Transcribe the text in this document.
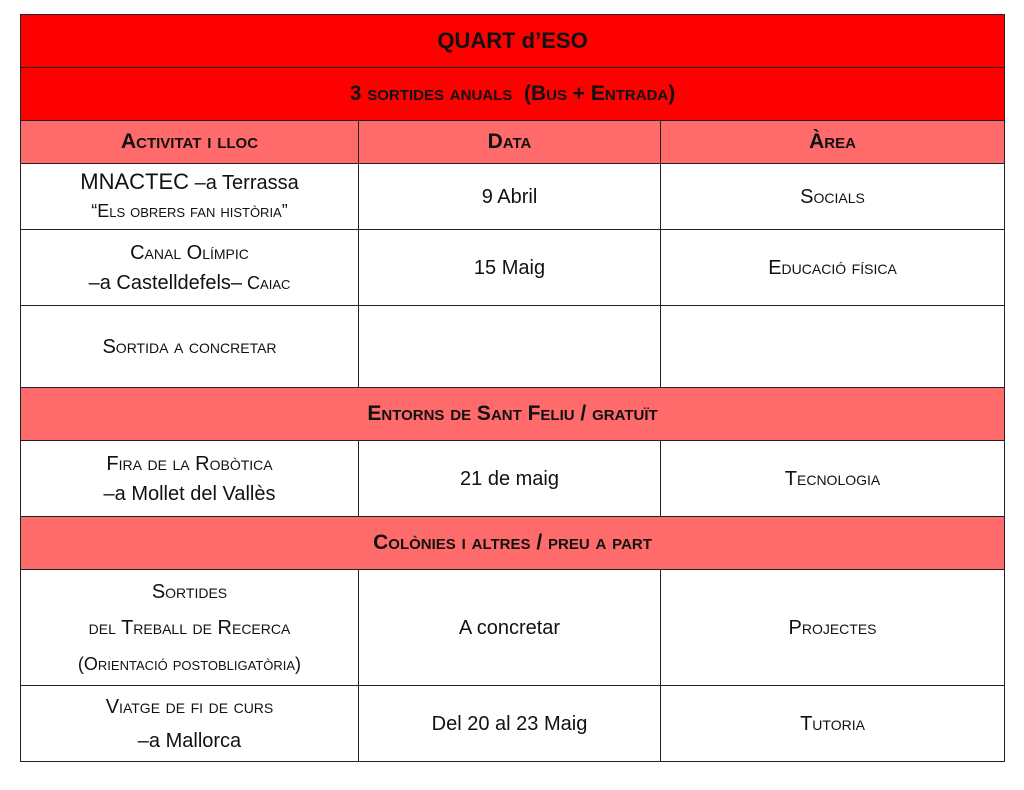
QUART d’ESO		
3 sortides anuals  (Bus + Entrada)		
Activitat i lloc	Data	Àrea

MNACTEC –a Terrassa
“Els obrers fan història”	9 Abril	Socials

Canal Olímpic
–a Castelldefels– Caiac	15 Maig	Educació física
Sortida a concretar		
Entorns de Sant Feliu / gratuït		

Fira de la Robòtica
–a Mollet del Vallès	21 de maig	Tecnologia
Colònies i altres / preu a part		

Sortides
del Treball de Recerca
(Orientació postobligatòria)	A concretar	Projectes

Viatge de fi de curs
–a Mallorca	Del 20 al 23 Maig	Tutoria
